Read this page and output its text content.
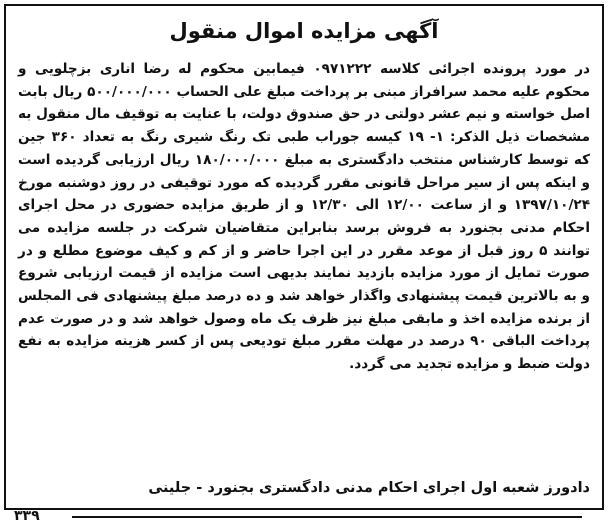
آگهی مزایده اموال منقول

در مورد پرونده اجرائی کلاسه ۰۹۷۱۲۲۲ فیمابین محکوم له رضا اناری بزچلویی و محکوم علیه محمد سرافراز مبنی بر پرداخت مبلغ علی الحساب ۵۰۰/۰۰۰/۰۰۰ ریال بابت اصل خواسته و نیم عشر دولتی در حق صندوق دولت، با عنایت به توقیف مال منقول به مشخصات ذیل الذکر: ۱- ۱۹ کیسه جوراب طبی تک رنگ شیری رنگ به تعداد ۳۶۰ جین که توسط کارشناس منتخب دادگستری به مبلغ ۱۸۰/۰۰۰/۰۰۰ ریال ارزیابی گردیده است و اینکه پس از سیر مراحل قانونی مقرر گردیده که مورد توقیفی در روز دوشنبه مورخ ۱۳۹۷/۱۰/۲۴ و از ساعت ۱۲/۰۰ الی ۱۲/۳۰ و از طریق مزایده حضوری در محل اجرای احکام مدنی بجنورد به فروش برسد بنابراین متقاضیان شرکت در جلسه مزایده می توانند ۵ روز قبل از موعد مقرر در این اجرا حاضر و از کم و کیف موضوع مطلع و در صورت تمایل از مورد مزایده بازدید نمایند بدیهی است مزایده از قیمت ارزیابی شروع و به بالاترین قیمت پیشنهادی واگذار خواهد شد و ده درصد مبلغ پیشنهادی فی المجلس از برنده مزایده اخذ و مابقی مبلغ نیز ظرف یک ماه وصول خواهد شد و در صورت عدم پرداخت الباقی ۹۰ درصد در مهلت مقرر مبلغ تودیعی پس از کسر هزینه مزایده به نفع دولت ضبط و مزایده تجدید می گردد.

دادورز شعبه اول اجرای احکام مدنی دادگستری بجنورد - جلینی
۳۳۹
